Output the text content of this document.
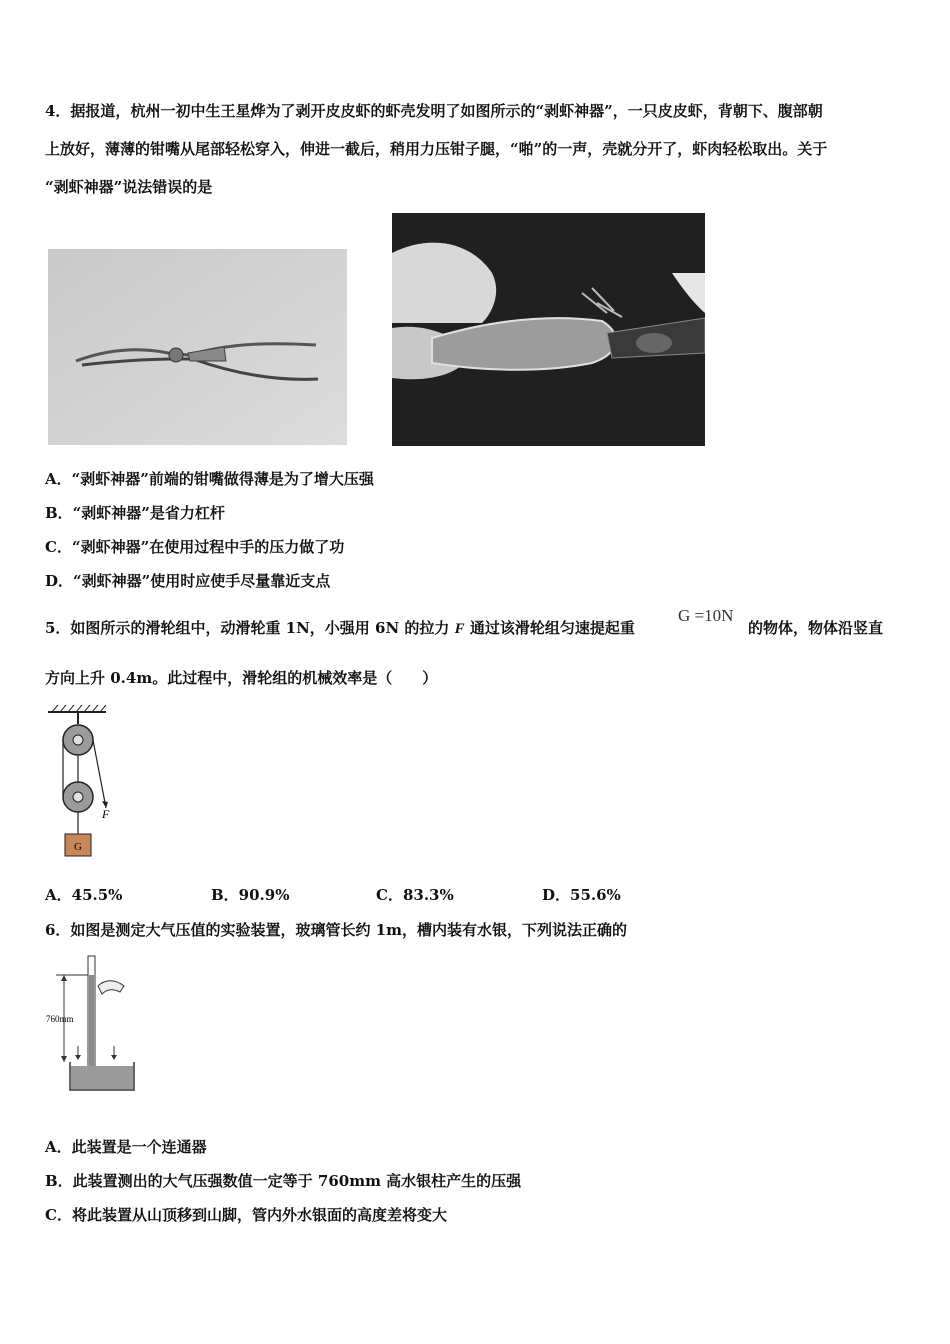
4．据报道，杭州一初中生王星烨为了剥开皮皮虾的虾壳发明了如图所示的“剥虾神器”，一只皮皮虾，背朝下、腹部朝
上放好，薄薄的钳嘴从尾部轻松穿入，伸进一截后，稍用力压钳子腿，“啪”的一声，壳就分开了，虾肉轻松取出。关于
“剥虾神器”说法错误的是
A．“剥虾神器”前端的钳嘴做得薄是为了增大压强
B．“剥虾神器”是省力杠杆
C．“剥虾神器”在使用过程中手的压力做了功
D．“剥虾神器”使用时应使手尽量靠近支点
5．如图所示的滑轮组中，动滑轮重 1N，小强用 6N 的拉力 F 通过该滑轮组匀速提起重
G =10N
的物体，物体沿竖直
方向上升 0.4m。此过程中，滑轮组的机械效率是（　　）
F
G
A．45.5%	B．90.9%	C．83.3%	D．55.6%
6．如图是测定大气压值的实验装置，玻璃管长约 1m，槽内装有水银，下列说法正确的
760mm
A．此装置是一个连通器
B．此装置测出的大气压强数值一定等于 760mm 高水银柱产生的压强
C．将此装置从山顶移到山脚，管内外水银面的高度差将变大
